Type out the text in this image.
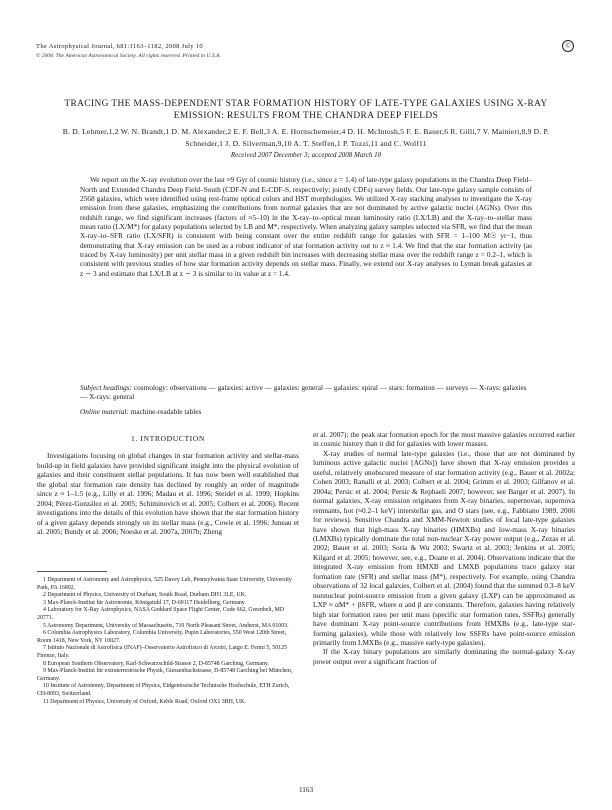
The Astrophysical Journal, 681:1163–1182, 2008 July 10
© 2008. The American Astronomical Society. All rights reserved. Printed in U.S.A.
©
TRACING THE MASS-DEPENDENT STAR FORMATION HISTORY OF LATE-TYPE GALAXIES USING X-RAY EMISSION: RESULTS FROM THE CHANDRA DEEP FIELDS
B. D. Lehmer,1,2 W. N. Brandt,1 D. M. Alexander,2 E. F. Bell,3 A. E. Hornschemeier,4 D. H. McIntosh,5 F. E. Bauer,6 R. Gilli,7 V. Mainieri,8,9 D. P. Schneider,1 J. D. Silverman,9,10 A. T. Steffen,1 P. Tozzi,11 and C. Wolf11
Received 2007 December 3; accepted 2008 March 10

We report on the X-ray evolution over the last ≈9 Gyr of cosmic history (i.e., since z = 1.4) of late-type galaxy populations in the Chandra Deep Field–North and Extended Chandra Deep Field–South (CDF-N and E-CDF-S, respectively; jointly CDFs) survey fields. Our late-type galaxy sample consists of 2568 galaxies, which were identified using rest-frame optical colors and HST morphologies. We utilized X-ray stacking analyses to investigate the X-ray emission from these galaxies, emphasizing the contributions from normal galaxies that are not dominated by active galactic nuclei (AGNs). Over this redshift range, we find significant increases (factors of ≈5–10) in the X-ray–to–optical mean luminosity ratio (LX/LB) and the X-ray–to–stellar mass mean ratio (LX/M*) for galaxy populations selected by LB and M*, respectively. When analyzing galaxy samples selected via SFR, we find that the mean X-ray–to–SFR ratio (LX/SFR) is consistent with being constant over the entire redshift range for galaxies with SFR = 1–100 M☉ yr−1, thus demonstrating that X-ray emission can be used as a robust indicator of star formation activity out to z ≈ 1.4. We find that the star formation activity (as traced by X-ray luminosity) per unit stellar mass in a given redshift bin increases with decreasing stellar mass over the redshift range z = 0.2–1, which is consistent with previous studies of how star formation activity depends on stellar mass. Finally, we extend our X-ray analyses to Lyman break galaxies at z ∼ 3 and estimate that LX/LB at z ∼ 3 is similar to its value at z = 1.4.

Subject headings: cosmology: observations — galaxies: active — galaxies: general — galaxies: spiral — stars: formation — surveys — X-rays: galaxies — X-rays: general
Online material: machine-readable tables
1. INTRODUCTION

Investigations focusing on global changes in star formation activity and stellar-mass build-up in field galaxies have provided significant insight into the physical evolution of galaxies and their constituent stellar populations. It has now been well established that the global star formation rate density has declined by roughly an order of magnitude since z ≈ 1–1.5 (e.g., Lilly et al. 1996; Madau et al. 1996; Steidel et al. 1999; Hopkins 2004; Pérez-González et al. 2005; Schiminovich et al. 2005; Colbert et al. 2006). Recent investigations into the details of this evolution have shown that the star formation history of a given galaxy depends strongly on its stellar mass (e.g., Cowie et al. 1996; Juneau et al. 2005; Bundy et al. 2006; Noeske et al. 2007a, 2007b; Zheng

1 Department of Astronomy and Astrophysics, 525 Davey Lab, Pennsylvania State University, University Park, PA 16802.

2 Department of Physics, University of Durham, South Road, Durham DH1 3LE, UK.

3 Max-Planck-Institut für Astronomie, Königstuhl 17, D-69117 Heidelberg, Germany.

4 Laboratory for X-Ray Astrophysics, NASA Goddard Space Flight Center, Code 662, Greenbelt, MD 20771.

5 Astronomy Department, University of Massachusetts, 710 North Pleasant Street, Amherst, MA 01003.

6 Columbia Astrophysics Laboratory, Columbia University, Pupin Laboratories, 550 West 120th Street, Room 1418, New York, NY 10027.

7 Istituto Nazionale di Astrofisica (INAF)–Osservatorio Astrofisico di Arcetri, Largo E. Fermi 5, 50125 Firenze, Italy.

8 European Southern Observatory, Karl-Schwarzschild-Strasse 2, D-85748 Garching, Germany.

9 Max-Planck-Institut für extraterrestrische Physik, Giessenbachstrasse, D-85748 Garching bei München, Germany.

10 Institute of Astronomy, Department of Physics, Eidgenössische Technische Hochschule, ETH Zurich, CH-8093, Switzerland.

11 Department of Physics, University of Oxford, Keble Road, Oxford OX1 3RH, UK.

et al. 2007); the peak star formation epoch for the most massive galaxies occurred earlier in cosmic history than it did for galaxies with lower masses.

X-ray studies of normal late-type galaxies (i.e., those that are not dominated by luminous active galactic nuclei [AGNs]) have shown that X-ray emission provides a useful, relatively unobscured measure of star formation activity (e.g., Bauer et al. 2002a; Cohen 2003; Ranalli et al. 2003; Colbert et al. 2004; Grimm et al. 2003; Gilfanov et al. 2004a; Persic et al. 2004; Persic & Rephaeli 2007; however, see Barger et al. 2007). In normal galaxies, X-ray emission originates from X-ray binaries, supernovae, supernova remnants, hot (≈0.2–1 keV) interstellar gas, and O stars (see, e.g., Fabbiano 1989, 2006 for reviews). Sensitive Chandra and XMM-Newton studies of local late-type galaxies have shown that high-mass X-ray binaries (HMXBs) and low-mass X-ray binaries (LMXBs) typically dominate the total non-nuclear X-ray power output (e.g., Zezas et al. 2002; Bauer et al. 2003; Soria & Wu 2003; Swartz et al. 2003; Jenkins et al. 2005; Kilgard et al. 2005; however, see, e.g., Doane et al. 2004). Observations indicate that the integrated X-ray emission from HMXB and LMXB populations trace galaxy star formation rate (SFR) and stellar mass (M*), respectively. For example, using Chandra observations of 32 local galaxies, Colbert et al. (2004) found that the summed 0.3–8 keV nonnuclear point-source emission from a given galaxy (LXP) can be approximated as LXP ≈ αM* + βSFR, where α and β are constants. Therefore, galaxies having relatively high star formation rates per unit mass (specific star formation rates, SSFRs) generally have dominant X-ray point-source contributions from HMXBs (e.g., late-type star-forming galaxies), while those with relatively low SSFRs have point-source emission primarily from LMXBs (e.g., massive early-type galaxies).

If the X-ray binary populations are similarly dominating the normal-galaxy X-ray power output over a significant fraction of

1163
